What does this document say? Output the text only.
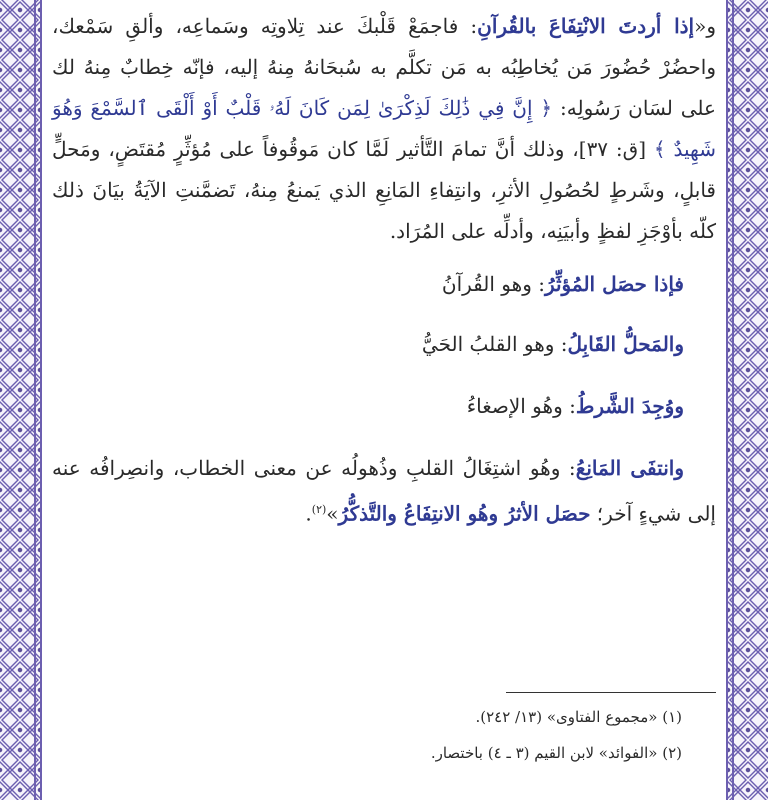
و«إذا أردتَ الانْتِفَاعَ بالقُرآنِ: فاجمَعْ قَلْبكَ عند تِلاوتِه وسَماعِه، وألقِ سَمْعك، واحضُرْ حُضُورَ مَن يُخاطِبُه به مَن تكلَّم به سُبحَانهُ مِنهُ إليه، فإنّه خِطابٌ مِنهُ لك على لسَان رَسُولِه: ﴿ إِنَّ فِي ذَٰلِكَ لَذِكْرَىٰ لِمَن كَانَ لَهُۥ قَلْبٌ أَوْ أَلْقَى ٱلسَّمْعَ وَهُوَ شَهِيدٌ ﴾ [ق: ٣٧]، وذلك أنَّ تمامَ التَّأثير لَمَّا كان مَوقُوفاً على مُؤثِّرٍ مُقتَضٍ، ومَحلٍّ قابلٍ، وشَرطٍ لحُصُولِ الأثرِ، وانتِفاءِ المَانِعِ الذي يَمنعُ مِنهُ، تَضمَّنتِ الآيَةُ بيَانَ ذلك كلّه بأوْجَزِ لفظٍ وأبيَنِه، وأدلِّه على المُرَاد.

فإذا حصَل المُؤثِّرُ: وهو القُرآنُ

والمَحلُّ القَابِلُ: وهو القلبُ الحَيُّ

ووُجِدَ الشَّرطُ: وهُو الإصغاءُ

وانتفَى المَانِعُ: وهُو اشتِغَالُ القلبِ وذُهولُه عن معنى الخطاب، وانصِرافُه عنه إلى شيءٍ آخر؛ حصَل الأثرُ وهُو الانتِفَاعُ والتَّذكُّرُ»$^{(٢)}$.

(١) «مجموع الفتاوى» (١٣/ ٢٤٢).

(٢) «الفوائد» لابن القيم (٣ ـ ٤) باختصار.
